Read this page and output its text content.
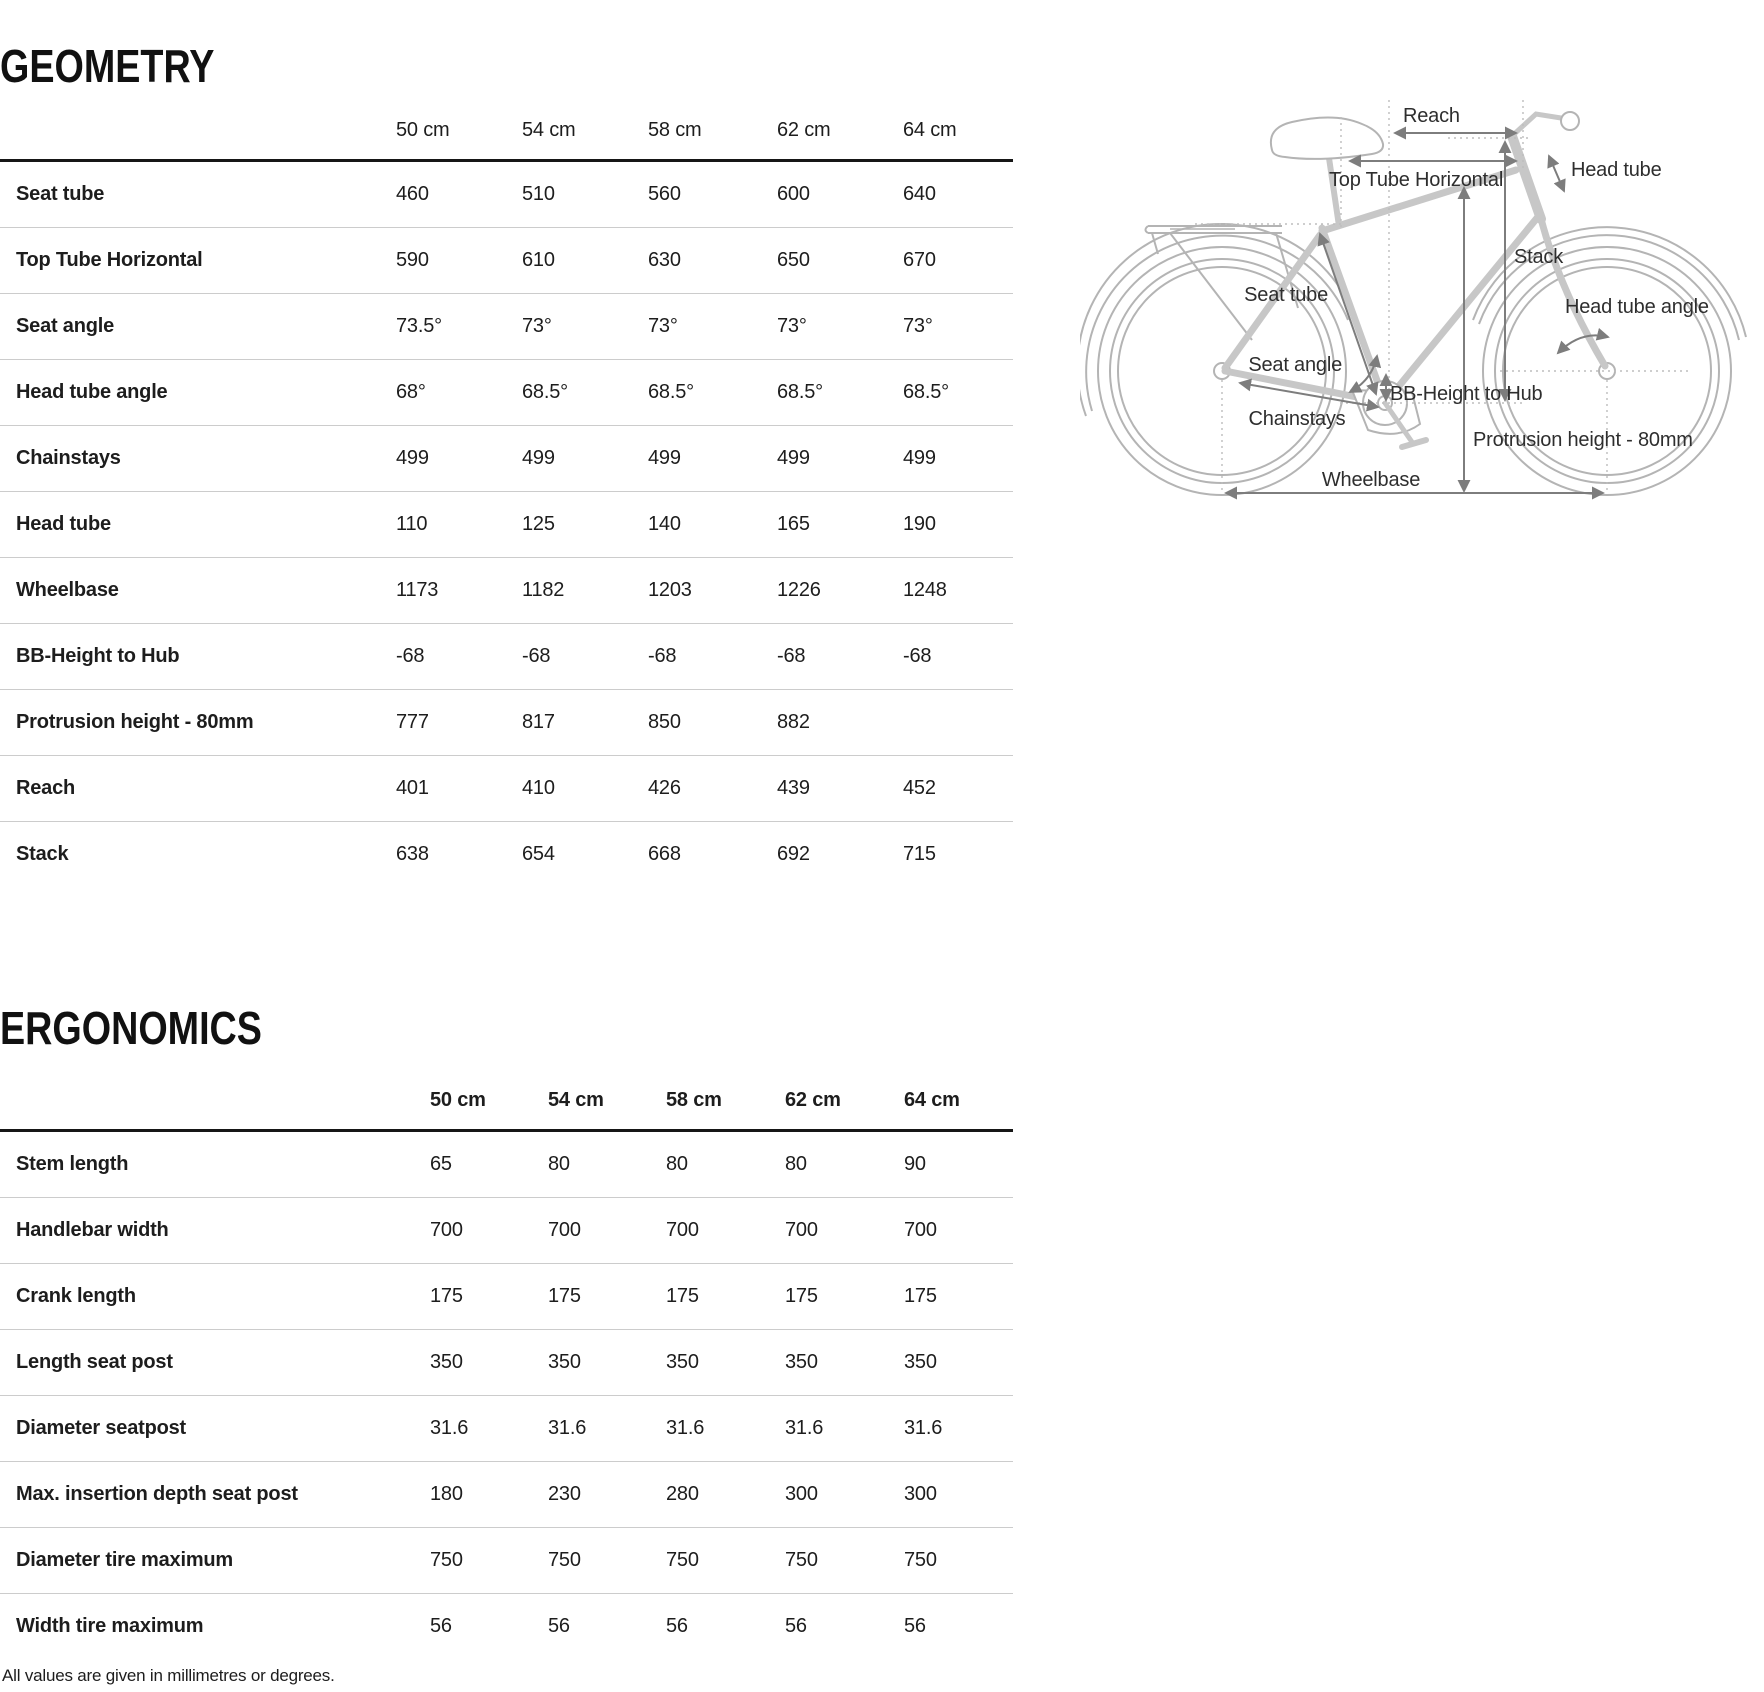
GEOMETRY
50 cm	54 cm	58 cm	62 cm	64 cm
Seat tube	460	510	560	600	640
Top Tube Horizontal	590	610	630	650	670
Seat angle	73.5°	73°	73°	73°	73°
Head tube angle	68°	68.5°	68.5°	68.5°	68.5°
Chainstays	499	499	499	499	499
Head tube	110	125	140	165	190
Wheelbase	1173	1182	1203	1226	1248
BB-Height to Hub	-68	-68	-68	-68	-68
Protrusion height - 80mm	777	817	850	882
Reach	401	410	426	439	452
Stack	638	654	668	692	715
ERGONOMICS
50 cm	54 cm	58 cm	62 cm	64 cm
Stem length	65	80	80	80	90
Handlebar width	700	700	700	700	700
Crank length	175	175	175	175	175
Length seat post	350	350	350	350	350
Diameter seatpost	31.6	31.6	31.6	31.6	31.6
Max. insertion depth seat post	180	230	280	300	300
Diameter tire maximum	750	750	750	750	750
Width tire maximum	56	56	56	56	56
All values are given in millimetres or degrees.
Reach
Top Tube Horizontal	Head tube
Seat tube
Stack
Head tube angle
Seat angle
BB-Height to Hub
Chainstays
Protrusion height - 80mm
Wheelbase
